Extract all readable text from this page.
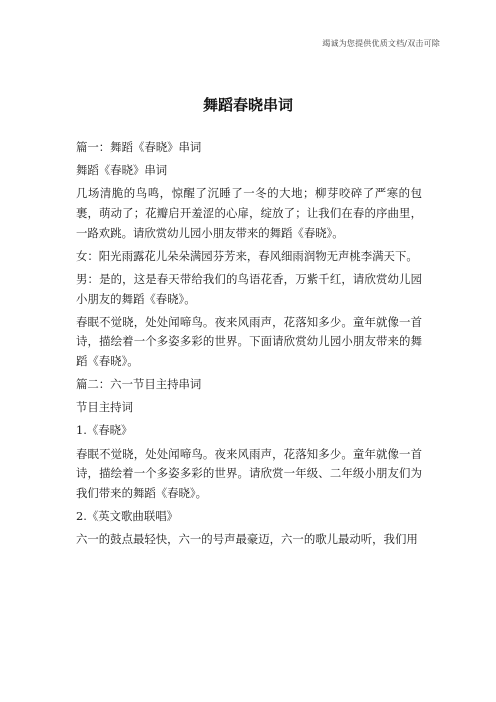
竭诚为您提供优质文档/双击可除
舞蹈春晓串词

篇一：舞蹈《春晓》串词

舞蹈《春晓》串词

几场清脆的鸟鸣，惊醒了沉睡了一冬的大地；柳芽咬碎了严寒的包裹，萌动了；花瓣启开羞涩的心扉，绽放了；让我们在春的序曲里，一路欢跳。请欣赏幼儿园小朋友带来的舞蹈《春晓》。

女：阳光雨露花儿朵朵满园芬芳来，春风细雨润物无声桃李满天下。

男：是的，这是春天带给我们的鸟语花香，万紫千红，请欣赏幼儿园小朋友的舞蹈《春晓》。

春眠不觉晓，处处闻啼鸟。夜来风雨声，花落知多少。童年就像一首诗，描绘着一个多姿多彩的世界。下面请欣赏幼儿园小朋友带来的舞蹈《春晓》。

篇二：六一节目主持串词

节目主持词

1.《春晓》

春眠不觉晓，处处闻啼鸟。夜来风雨声，花落知多少。童年就像一首诗，描绘着一个多姿多彩的世界。请欣赏一年级、二年级小朋友们为我们带来的舞蹈《春晓》。

2.《英文歌曲联唱》

六一的鼓点最轻快，六一的号声最豪迈，六一的歌儿最动听，我们用
